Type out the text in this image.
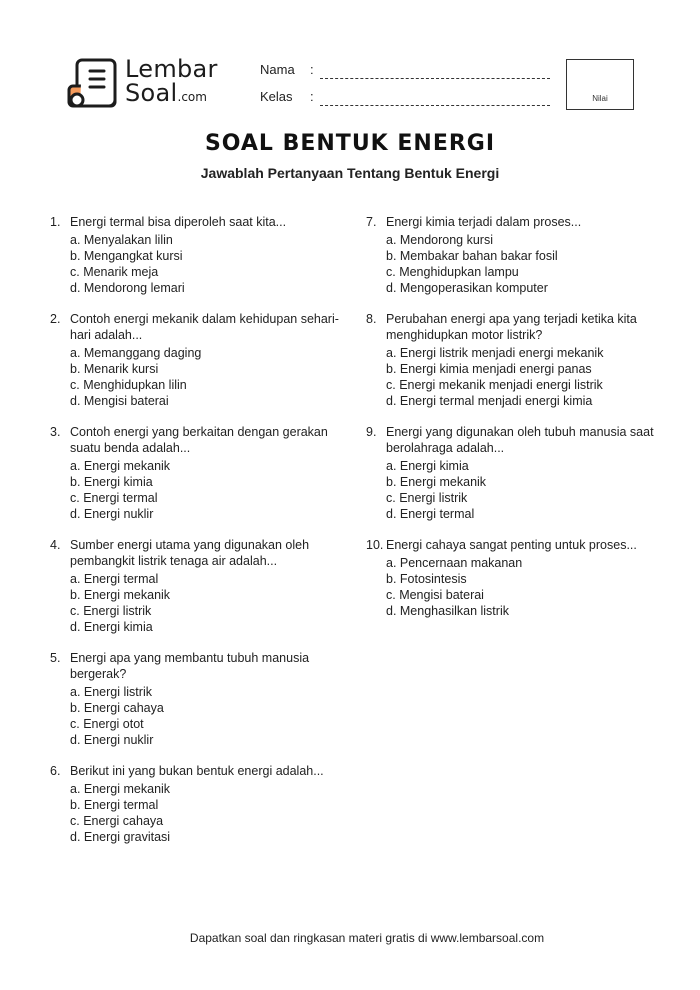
Lembar
Soal.com
Nama :
Kelas :	Nilai
SOAL BENTUK ENERGI
Jawablah Pertanyaan Tentang Bentuk Energi
1. Energi termal bisa diperoleh saat kita...
a. Menyalakan lilin
b. Mengangkat kursi
c. Menarik meja
d. Mendorong lemari
2. Contoh energi mekanik dalam kehidupan sehari-hari adalah...
a. Memanggang daging
b. Menarik kursi
c. Menghidupkan lilin
d. Mengisi baterai
3. Contoh energi yang berkaitan dengan gerakan suatu benda adalah...
a. Energi mekanik
b. Energi kimia
c. Energi termal
d. Energi nuklir
4. Sumber energi utama yang digunakan oleh pembangkit listrik tenaga air adalah...
a. Energi termal
b. Energi mekanik
c. Energi listrik
d. Energi kimia
5. Energi apa yang membantu tubuh manusia bergerak?
a. Energi listrik
b. Energi cahaya
c. Energi otot
d. Energi nuklir
6. Berikut ini yang bukan bentuk energi adalah...
a. Energi mekanik
b. Energi termal
c. Energi cahaya
d. Energi gravitasi
7. Energi kimia terjadi dalam proses...
a. Mendorong kursi
b. Membakar bahan bakar fosil
c. Menghidupkan lampu
d. Mengoperasikan komputer
8. Perubahan energi apa yang terjadi ketika kita menghidupkan motor listrik?
a. Energi listrik menjadi energi mekanik
b. Energi kimia menjadi energi panas
c. Energi mekanik menjadi energi listrik
d. Energi termal menjadi energi kimia
9. Energi yang digunakan oleh tubuh manusia saat berolahraga adalah...
a. Energi kimia
b. Energi mekanik
c. Energi listrik
d. Energi termal
10. Energi cahaya sangat penting untuk proses...
a. Pencernaan makanan
b. Fotosintesis
c. Mengisi baterai
d. Menghasilkan listrik
Dapatkan soal dan ringkasan materi gratis di www.lembarsoal.com
